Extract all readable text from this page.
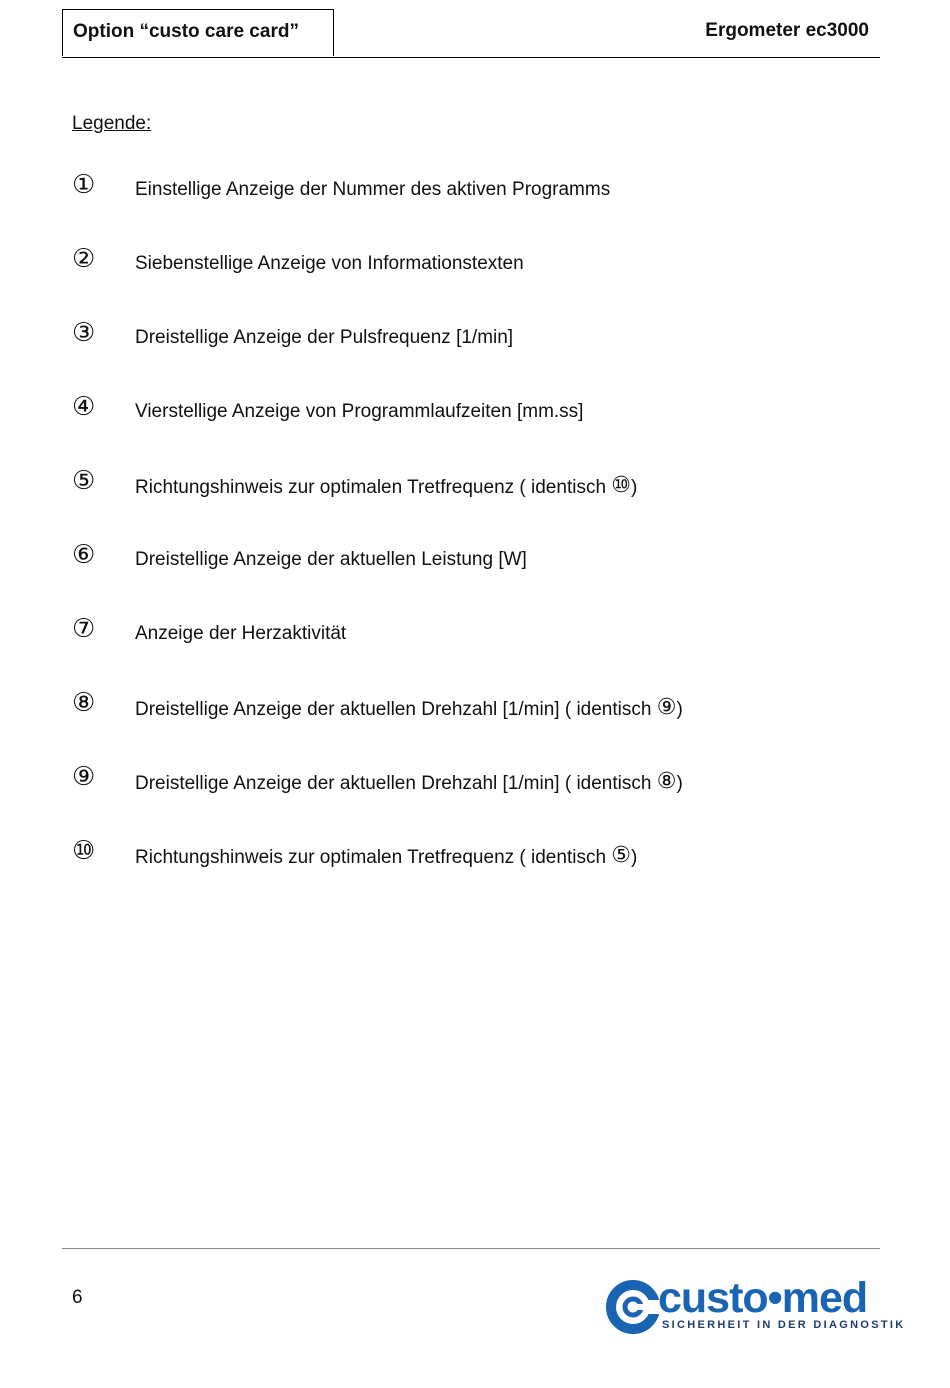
Option “custo care card”	Ergometer ec3000
Legende:
① Einstellige Anzeige der Nummer des aktiven Programms
② Siebenstellige Anzeige von Informationstexten
③ Dreistellige Anzeige der Pulsfrequenz [1/min]
④ Vierstellige Anzeige von Programmlaufzeiten [mm.ss]
⑤ Richtungshinweis zur optimalen Tretfrequenz ( identisch ⑩)
⑥ Dreistellige Anzeige der aktuellen Leistung [W]
⑦ Anzeige der Herzaktivität
⑧ Dreistellige Anzeige der aktuellen Drehzahl [1/min] ( identisch ⑨)
⑨ Dreistellige Anzeige der aktuellen Drehzahl [1/min] ( identisch ⑧)
⑩ Richtungshinweis zur optimalen Tretfrequenz ( identisch ⑤)
6	custo•med
SICHERHEIT IN DER DIAGNOSTIK
